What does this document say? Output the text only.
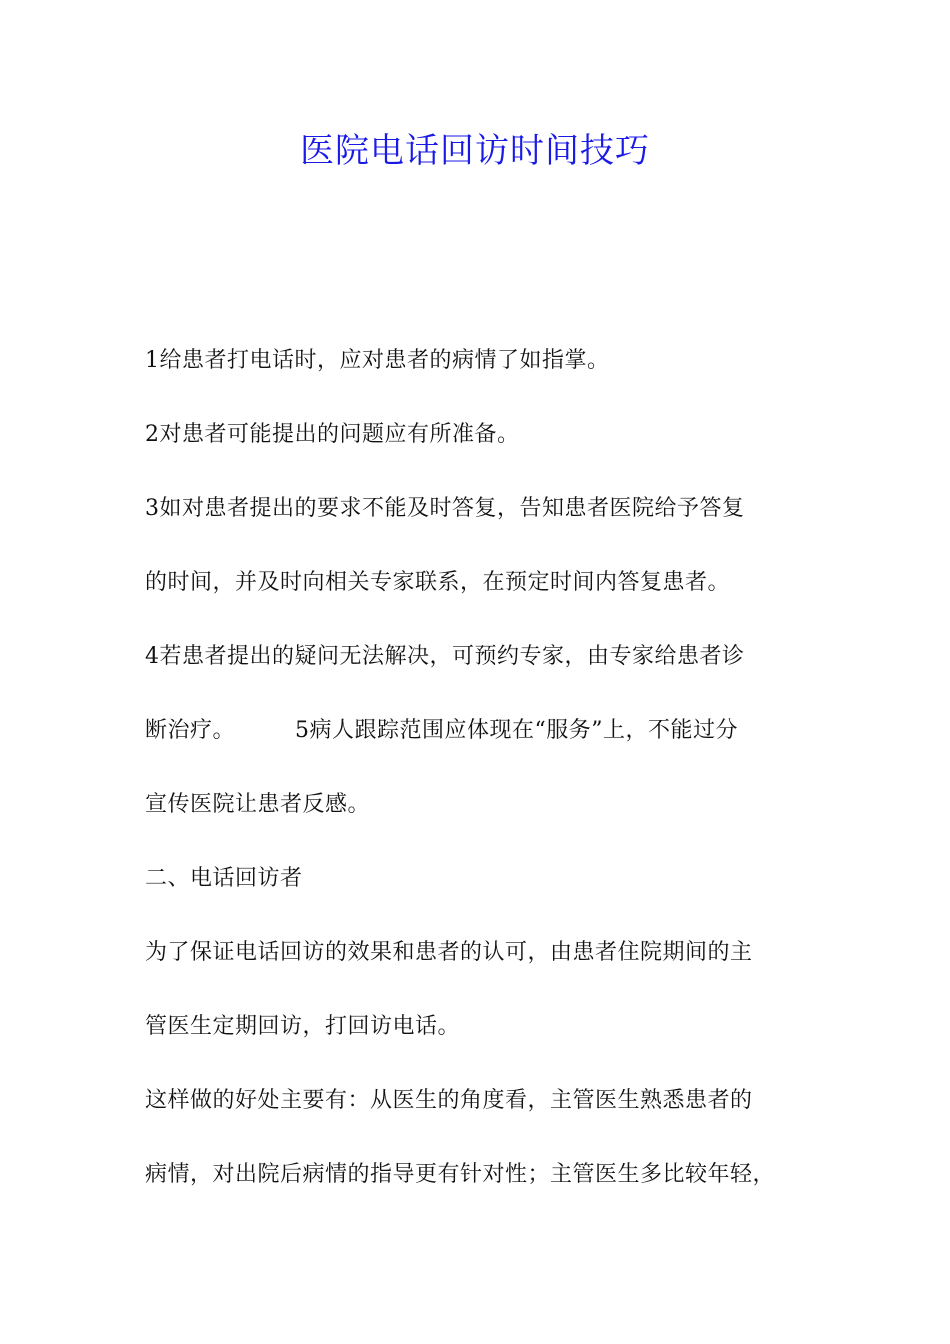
医院电话回访时间技巧
1给患者打电话时，应对患者的病情了如指掌。
2对患者可能提出的问题应有所准备。
3如对患者提出的要求不能及时答复，告知患者医院给予答复
的时间，并及时向相关专家联系，在预定时间内答复患者。
4若患者提出的疑问无法解决，可预约专家，由专家给患者诊
断治疗。        5病人跟踪范围应体现在“服务”上，不能过分
宣传医院让患者反感。
二、电话回访者
为了保证电话回访的效果和患者的认可，由患者住院期间的主
管医生定期回访，打回访电话。
这样做的好处主要有：从医生的角度看，主管医生熟悉患者的
病情，对出院后病情的指导更有针对性；主管医生多比较年轻，
